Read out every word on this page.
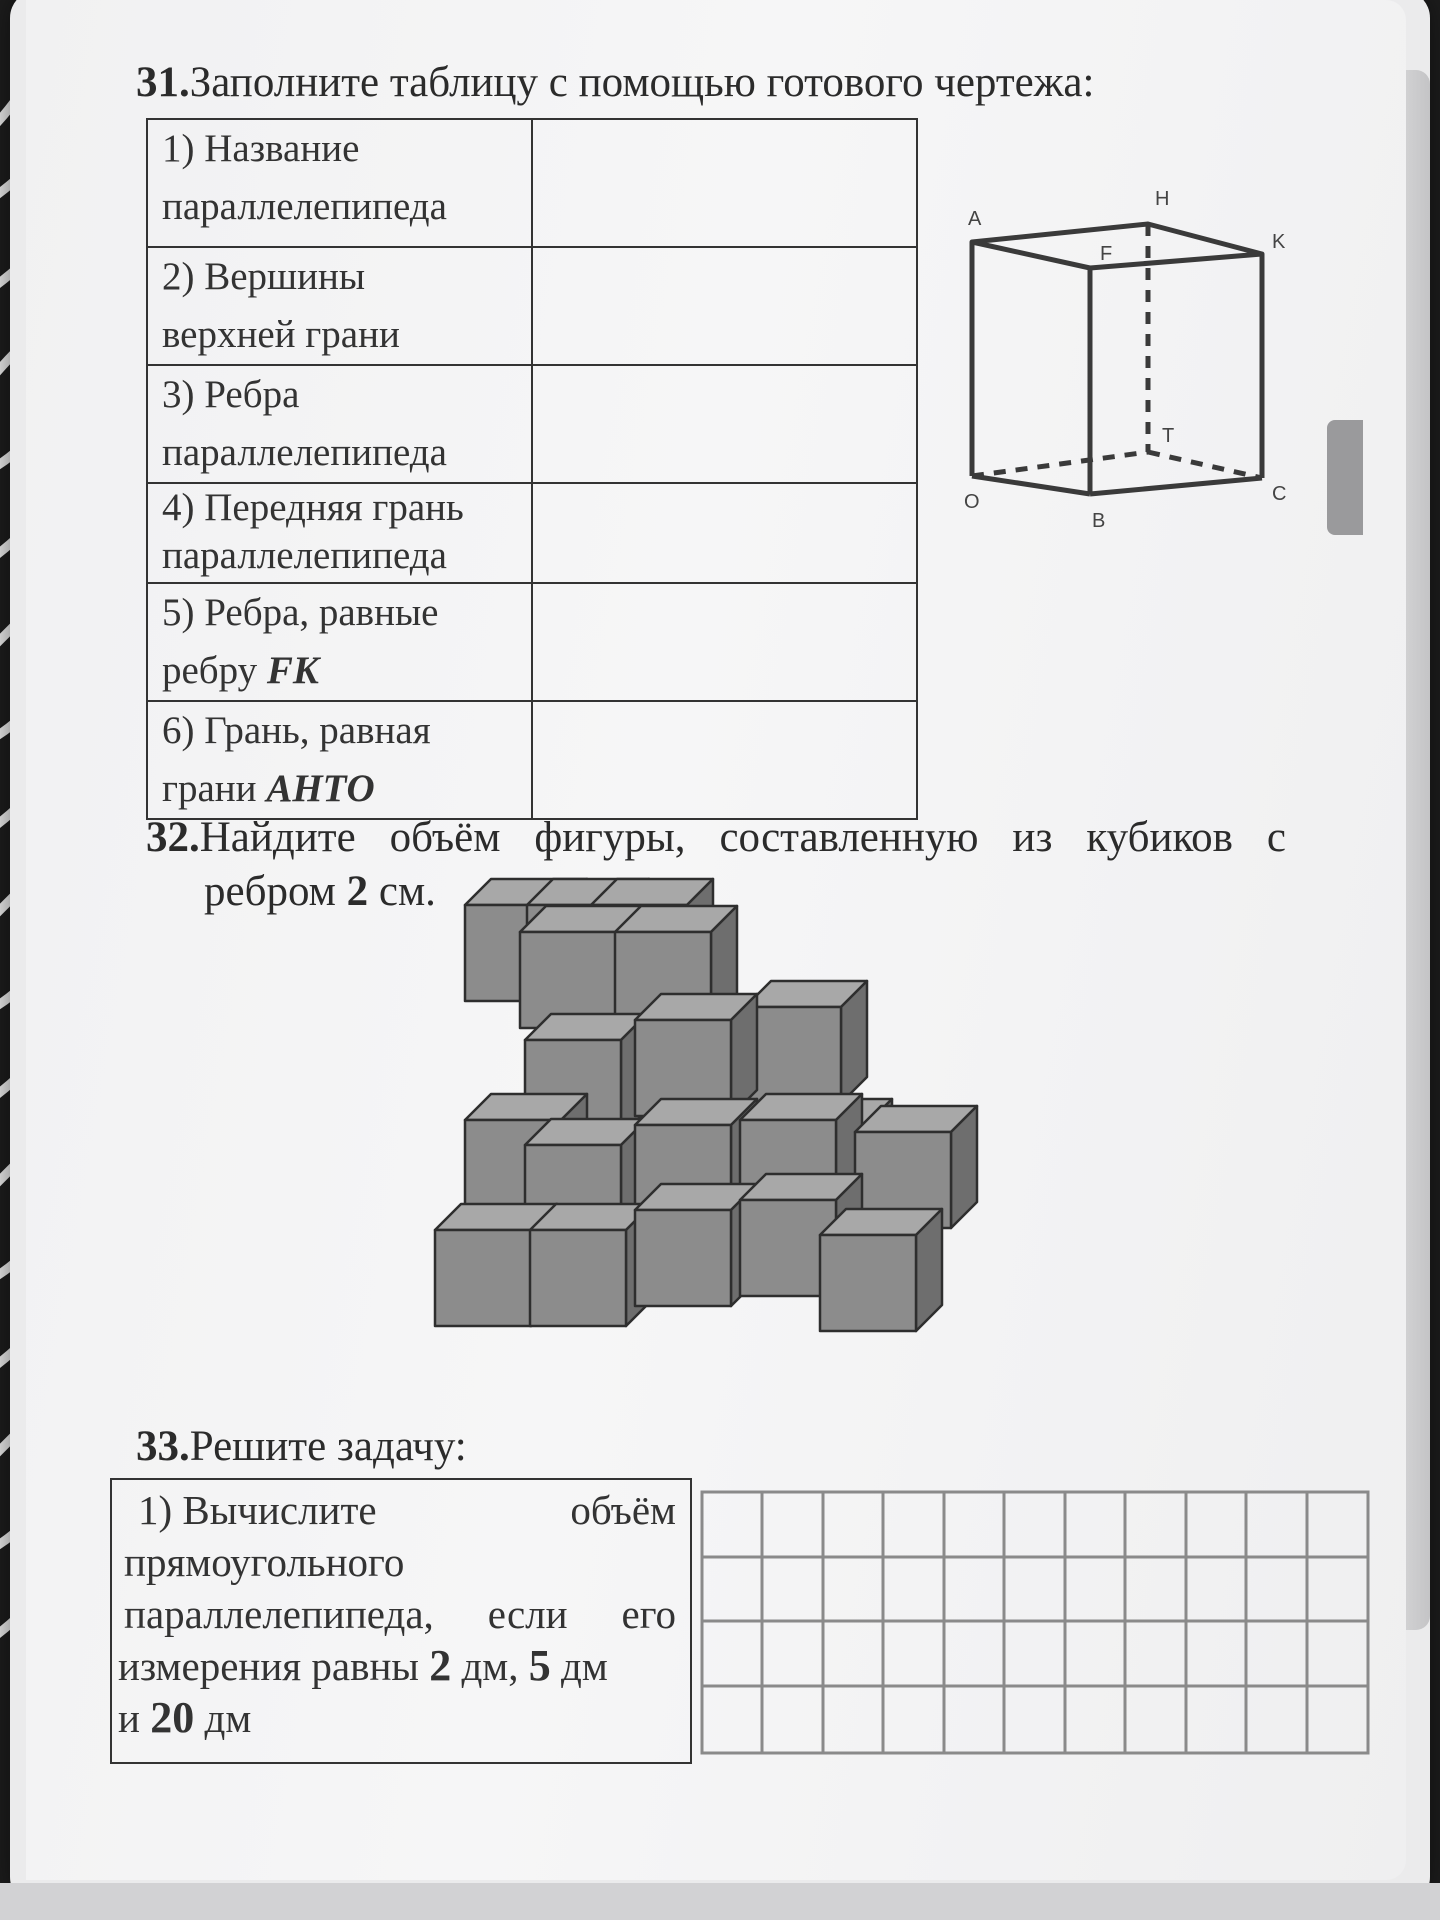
31.Заполните таблицу с помощью готового чертежа:
1) Название
параллелепипеда	

2) Вершины
верхней грани	

3) Ребра
параллелепипеда	

4) Передняя грань
параллелепипеда	

5) Ребра, равные
ребру FK	

6) Грань, равная
грани АНТО	

A
H
F
K
T
O
B
C
32.Найдите объём фигуры, составленную из кубиков с
ребром 2 см.
33.Решите задачу:
1) Вычислите	объём
прямоугольного
параллелепипеда, если его
измерения равны 2 дм, 5 дм
и 20 дм
